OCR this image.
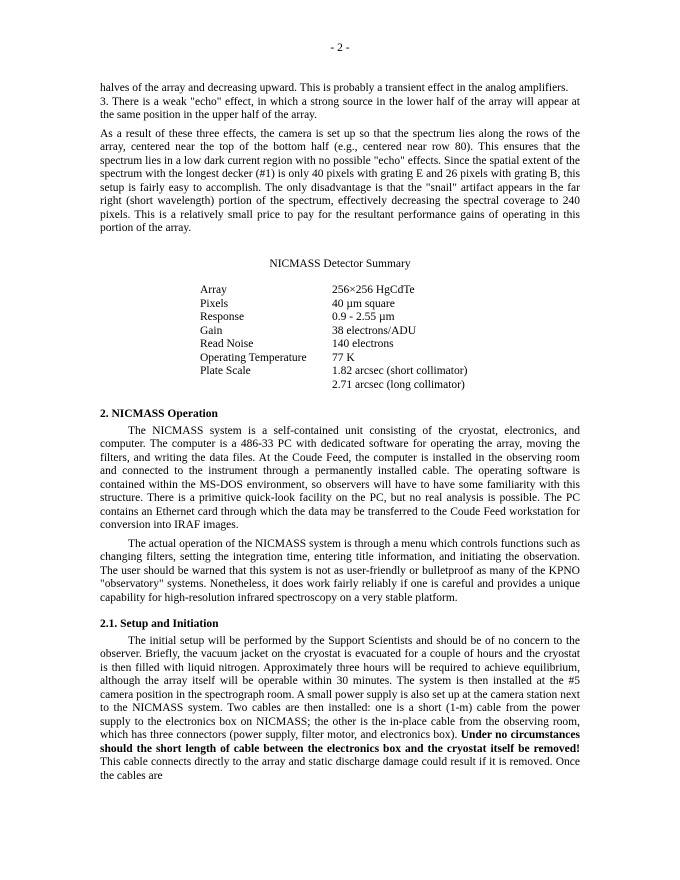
- 2 -

halves of the array and decreasing upward. This is probably a transient effect in the analog amplifiers.

3. There is a weak "echo" effect, in which a strong source in the lower half of the array will appear at the same position in the upper half of the array.

As a result of these three effects, the camera is set up so that the spectrum lies along the rows of the array, centered near the top of the bottom half (e.g., centered near row 80). This ensures that the spectrum lies in a low dark current region with no possible "echo" effects. Since the spatial extent of the spectrum with the longest decker (#1) is only 40 pixels with grating E and 26 pixels with grating B, this setup is fairly easy to accomplish. The only disadvantage is that the "snail" artifact appears in the far right (short wavelength) portion of the spectrum, effectively decreasing the spectral coverage to 240 pixels. This is a relatively small price to pay for the resultant performance gains of operating in this portion of the array.

NICMASS Detector Summary
Array	256×256 HgCdTe
Pixels	40 µm square
Response	0.9 - 2.55 µm
Gain	38 electrons/ADU
Read Noise	140 electrons
Operating Temperature	77 K
Plate Scale	1.82 arcsec (short collimator)
	2.71 arcsec (long collimator)
2. NICMASS Operation

The NICMASS system is a self-contained unit consisting of the cryostat, electronics, and computer. The computer is a 486-33 PC with dedicated software for operating the array, moving the filters, and writing the data files. At the Coude Feed, the computer is installed in the observing room and connected to the instrument through a permanently installed cable. The operating software is contained within the MS-DOS environment, so observers will have to have some familiarity with this structure. There is a primitive quick-look facility on the PC, but no real analysis is possible. The PC contains an Ethernet card through which the data may be transferred to the Coude Feed workstation for conversion into IRAF images.

The actual operation of the NICMASS system is through a menu which controls functions such as changing filters, setting the integration time, entering title information, and initiating the observation. The user should be warned that this system is not as user-friendly or bulletproof as many of the KPNO "observatory" systems. Nonetheless, it does work fairly reliably if one is careful and provides a unique capability for high-resolution infrared spectroscopy on a very stable platform.

2.1. Setup and Initiation

The initial setup will be performed by the Support Scientists and should be of no concern to the observer. Briefly, the vacuum jacket on the cryostat is evacuated for a couple of hours and the cryostat is then filled with liquid nitrogen. Approximately three hours will be required to achieve equilibrium, although the array itself will be operable within 30 minutes. The system is then installed at the #5 camera position in the spectrograph room. A small power supply is also set up at the camera station next to the NICMASS system. Two cables are then installed: one is a short (1-m) cable from the power supply to the electronics box on NICMASS; the other is the in-place cable from the observing room, which has three connectors (power supply, filter motor, and electronics box). Under no circumstances should the short length of cable between the electronics box and the cryostat itself be removed! This cable connects directly to the array and static discharge damage could result if it is removed. Once the cables are
